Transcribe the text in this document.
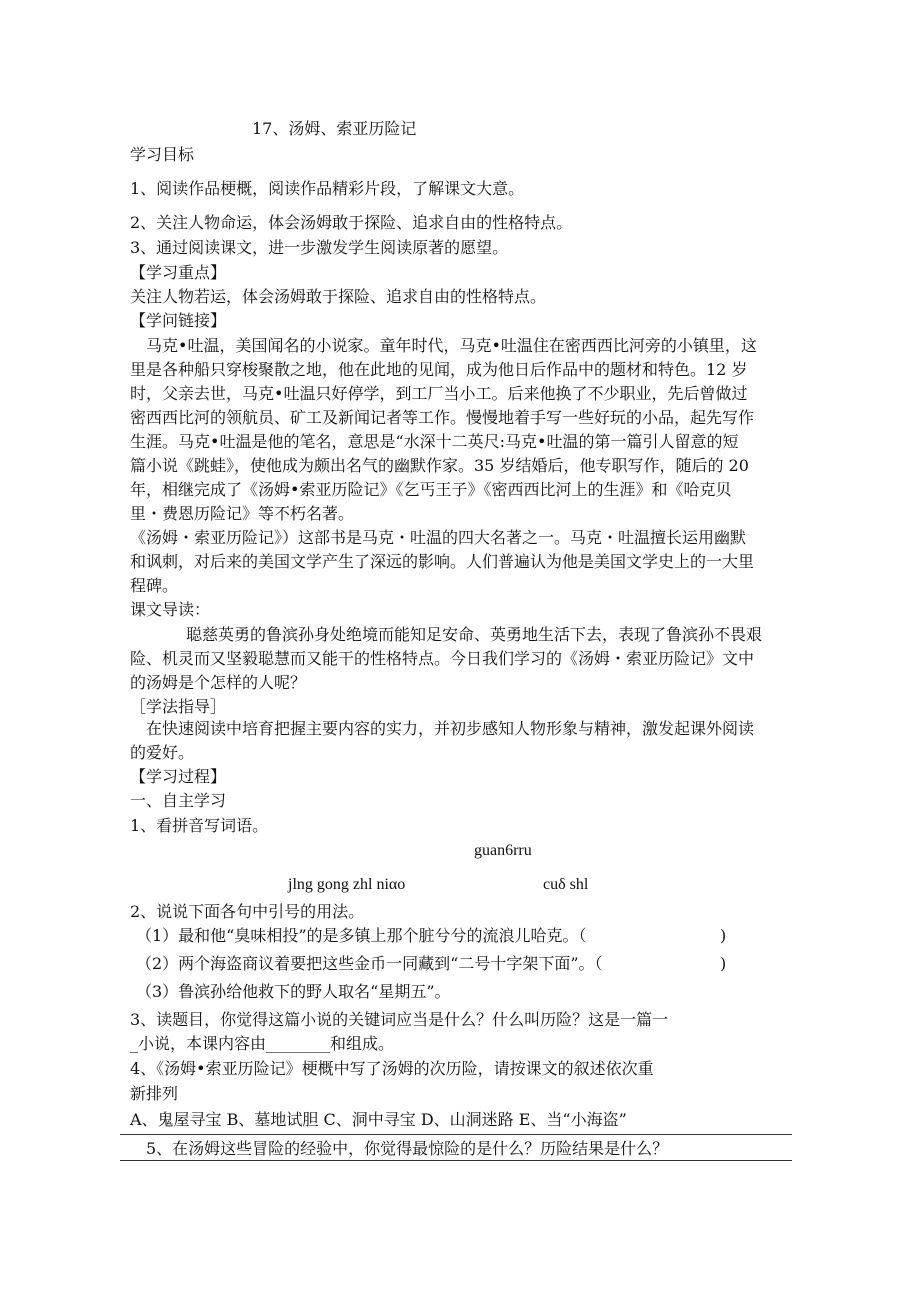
17、汤姆、索亚历险记

学习目标

1、阅读作品梗概，阅读作品精彩片段，了解课文大意。

2、关注人物命运，体会汤姆敢于探险、追求自由的性格特点。

3、通过阅读课文，进一步激发学生阅读原著的愿望。

【学习重点】

关注人物若运，体会汤姆敢于探险、追求自由的性格特点。

【学问链接】

马克•吐温，美国闻名的小说家。童年时代，马克•吐温住在密西西比河旁的小镇里，这

里是各种船只穿梭聚散之地，他在此地的见闻，成为他日后作品中的题材和特色。12 岁

时，父亲去世，马克•吐温只好停学，到工厂当小工。后来他换了不少职业，先后曾做过

密西西比河的领航员、矿工及新闻记者等工作。慢慢地着手写一些好玩的小品，起先写作

生涯。马克•吐温是他的笔名，意思是“水深十二英尺:马克•吐温的第一篇引人留意的短

篇小说《跳蛙》，使他成为颇出名气的幽默作家。35 岁结婚后，他专职写作，随后的 20

年，相继完成了《汤姆•索亚历险记》《乞丐王子》《密西西比河上的生涯》和《哈克贝

里・费恩历险记》等不朽名著。

《汤姆・索亚历险记》）这部书是马克・吐温的四大名著之一。马克・吐温擅长运用幽默

和讽刺，对后来的美国文学产生了深远的影响。人们普遍认为他是美国文学史上的一大里

程碑。

课文导读：

聪慈英勇的鲁滨孙身处绝境而能知足安命、英勇地生活下去，表现了鲁滨孙不畏艰

险、机灵而又坚毅聪慧而又能干的性格特点。今日我们学习的《汤姆・索亚历险记》文中

的汤姆是个怎样的人呢？

［学法指导］

在快速阅读中培育把握主要内容的实力，并初步感知人物形象与精神，激发起课外阅读

的爱好。

【学习过程】

一、自主学习

1、看拼音写词语。

guan6rru

jlng gong zhl niαo	cuδ shl

2、说说下面各句中引号的用法。

（1）最和他“臭味相投”的是多镇上那个脏兮兮的流浪儿哈克。（	)

（2）两个海盗商议着要把这些金币一同藏到“二号十字架下面”。（	)

（3）鲁滨孙给他救下的野人取名“星期五”。

3、读题目，你觉得这篇小说的关键词应当是什么？什么叫历险？这是一篇一

_小说，本课内容由________和组成。

4、《汤姆•索亚历险记》梗概中写了汤姆的次历险，请按课文的叙述依次重

新排列

A、鬼屋寻宝 B、墓地试胆 C、洞中寻宝 D、山洞迷路 E、当“小海盗”

5、在汤姆这些冒险的经验中，你觉得最惊险的是什么？历险结果是什么？
